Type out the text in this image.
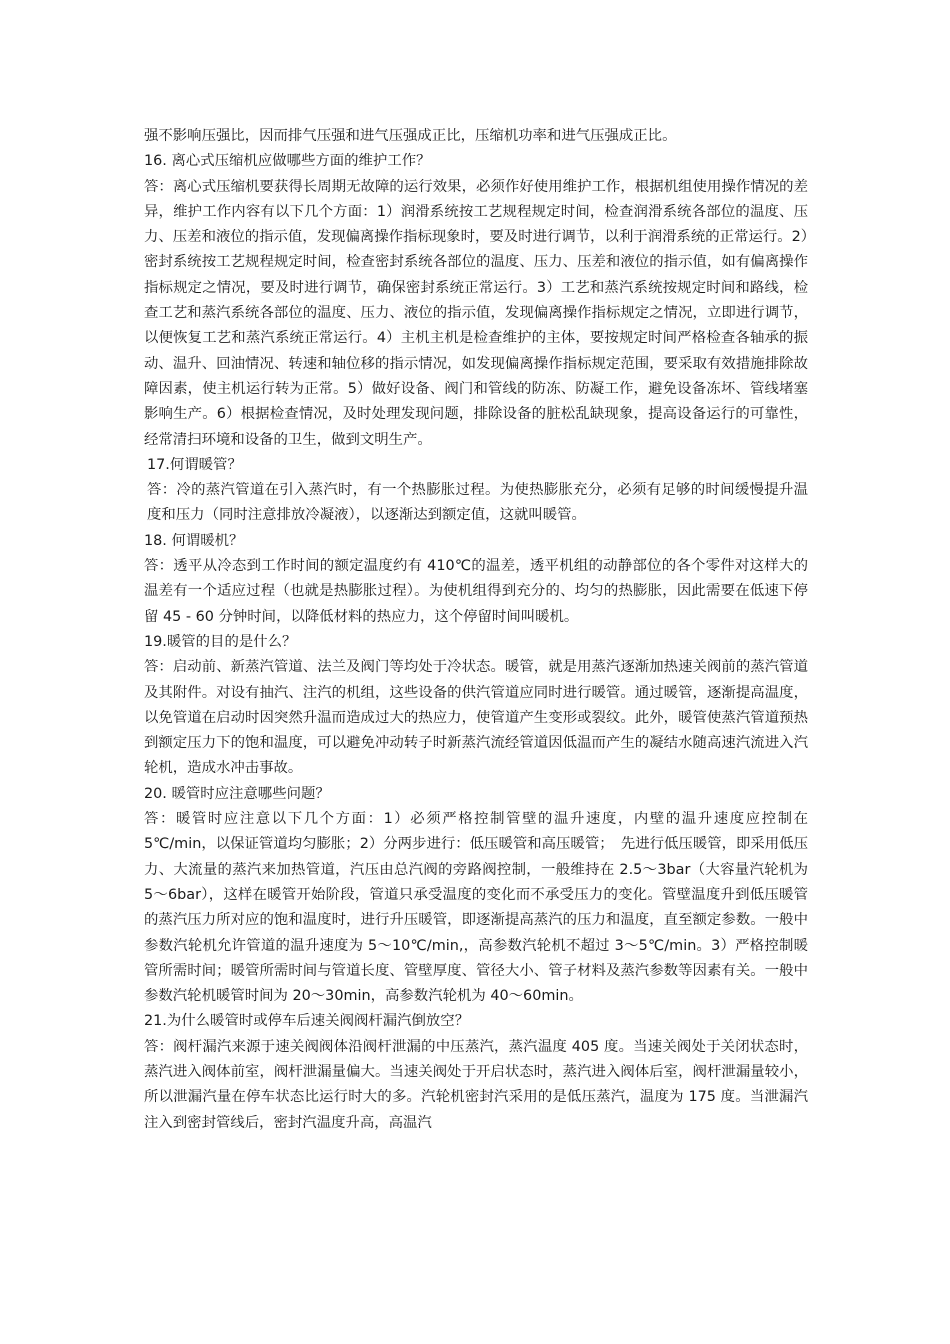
强不影响压强比，因而排气压强和进气压强成正比，压缩机功率和进气压强成正比。

16. 离心式压缩机应做哪些方面的维护工作？

答：离心式压缩机要获得长周期无故障的运行效果，必须作好使用维护工作，根据机组使用操作情况的差异，维护工作内容有以下几个方面：1）润滑系统按工艺规程规定时间，检查润滑系统各部位的温度、压力、压差和液位的指示值，发现偏离操作指标现象时，要及时进行调节，以利于润滑系统的正常运行。2）密封系统按工艺规程规定时间，检查密封系统各部位的温度、压力、压差和液位的指示值，如有偏离操作指标规定之情况，要及时进行调节，确保密封系统正常运行。3）工艺和蒸汽系统按规定时间和路线，检查工艺和蒸汽系统各部位的温度、压力、液位的指示值，发现偏离操作指标规定之情况，立即进行调节，以便恢复工艺和蒸汽系统正常运行。4）主机主机是检查维护的主体，要按规定时间严格检查各轴承的振动、温升、回油情况、转速和轴位移的指示情况，如发现偏离操作指标规定范围，要采取有效措施排除故障因素，使主机运行转为正常。5）做好设备、阀门和管线的防冻、防凝工作，避免设备冻坏、管线堵塞影响生产。6）根据检查情况，及时处理发现问题，排除设备的脏松乱缺现象，提高设备运行的可靠性，经常清扫环境和设备的卫生，做到文明生产。

17.何谓暖管？

答：冷的蒸汽管道在引入蒸汽时，有一个热膨胀过程。为使热膨胀充分，必须有足够的时间缓慢提升温度和压力（同时注意排放冷凝液），以逐渐达到额定值，这就叫暖管。

18. 何谓暖机？

答：透平从冷态到工作时间的额定温度约有 410℃的温差，透平机组的动静部位的各个零件对这样大的温差有一个适应过程（也就是热膨胀过程）。为使机组得到充分的、均匀的热膨胀，因此需要在低速下停留 45 - 60 分钟时间，以降低材料的热应力，这个停留时间叫暖机。

19.暖管的目的是什么？

答：启动前、新蒸汽管道、法兰及阀门等均处于冷状态。暖管，就是用蒸汽逐渐加热速关阀前的蒸汽管道及其附件。对设有抽汽、注汽的机组，这些设备的供汽管道应同时进行暖管。通过暖管，逐渐提高温度，以免管道在启动时因突然升温而造成过大的热应力，使管道产生变形或裂纹。此外，暖管使蒸汽管道预热到额定压力下的饱和温度，可以避免冲动转子时新蒸汽流经管道因低温而产生的凝结水随高速汽流进入汽轮机，造成水冲击事故。

20. 暖管时应注意哪些问题？

答：暖管时应注意以下几个方面：1）必须严格控制管壁的温升速度，内壁的温升速度应控制在 5℃/min，以保证管道均匀膨胀；2）分两步进行：低压暖管和高压暖管；　先进行低压暖管，即采用低压力、大流量的蒸汽来加热管道，汽压由总汽阀的旁路阀控制，一般维持在 2.5～3bar（大容量汽轮机为 5～6bar），这样在暖管开始阶段，管道只承受温度的变化而不承受压力的变化。管壁温度升到低压暖管的蒸汽压力所对应的饱和温度时，进行升压暖管，即逐渐提高蒸汽的压力和温度，直至额定参数。一般中参数汽轮机允许管道的温升速度为 5～10℃/min,，高参数汽轮机不超过 3～5℃/min。3）严格控制暖管所需时间；暖管所需时间与管道长度、管壁厚度、管径大小、管子材料及蒸汽参数等因素有关。一般中参数汽轮机暖管时间为 20～30min，高参数汽轮机为 40～60min。

21.为什么暖管时或停车后速关阀阀杆漏汽倒放空？

答：阀杆漏汽来源于速关阀阀体沿阀杆泄漏的中压蒸汽，蒸汽温度 405 度。当速关阀处于关闭状态时，蒸汽进入阀体前室，阀杆泄漏量偏大。当速关阀处于开启状态时，蒸汽进入阀体后室，阀杆泄漏量较小，所以泄漏汽量在停车状态比运行时大的多。汽轮机密封汽采用的是低压蒸汽，温度为 175 度。当泄漏汽注入到密封管线后，密封汽温度升高，高温汽
